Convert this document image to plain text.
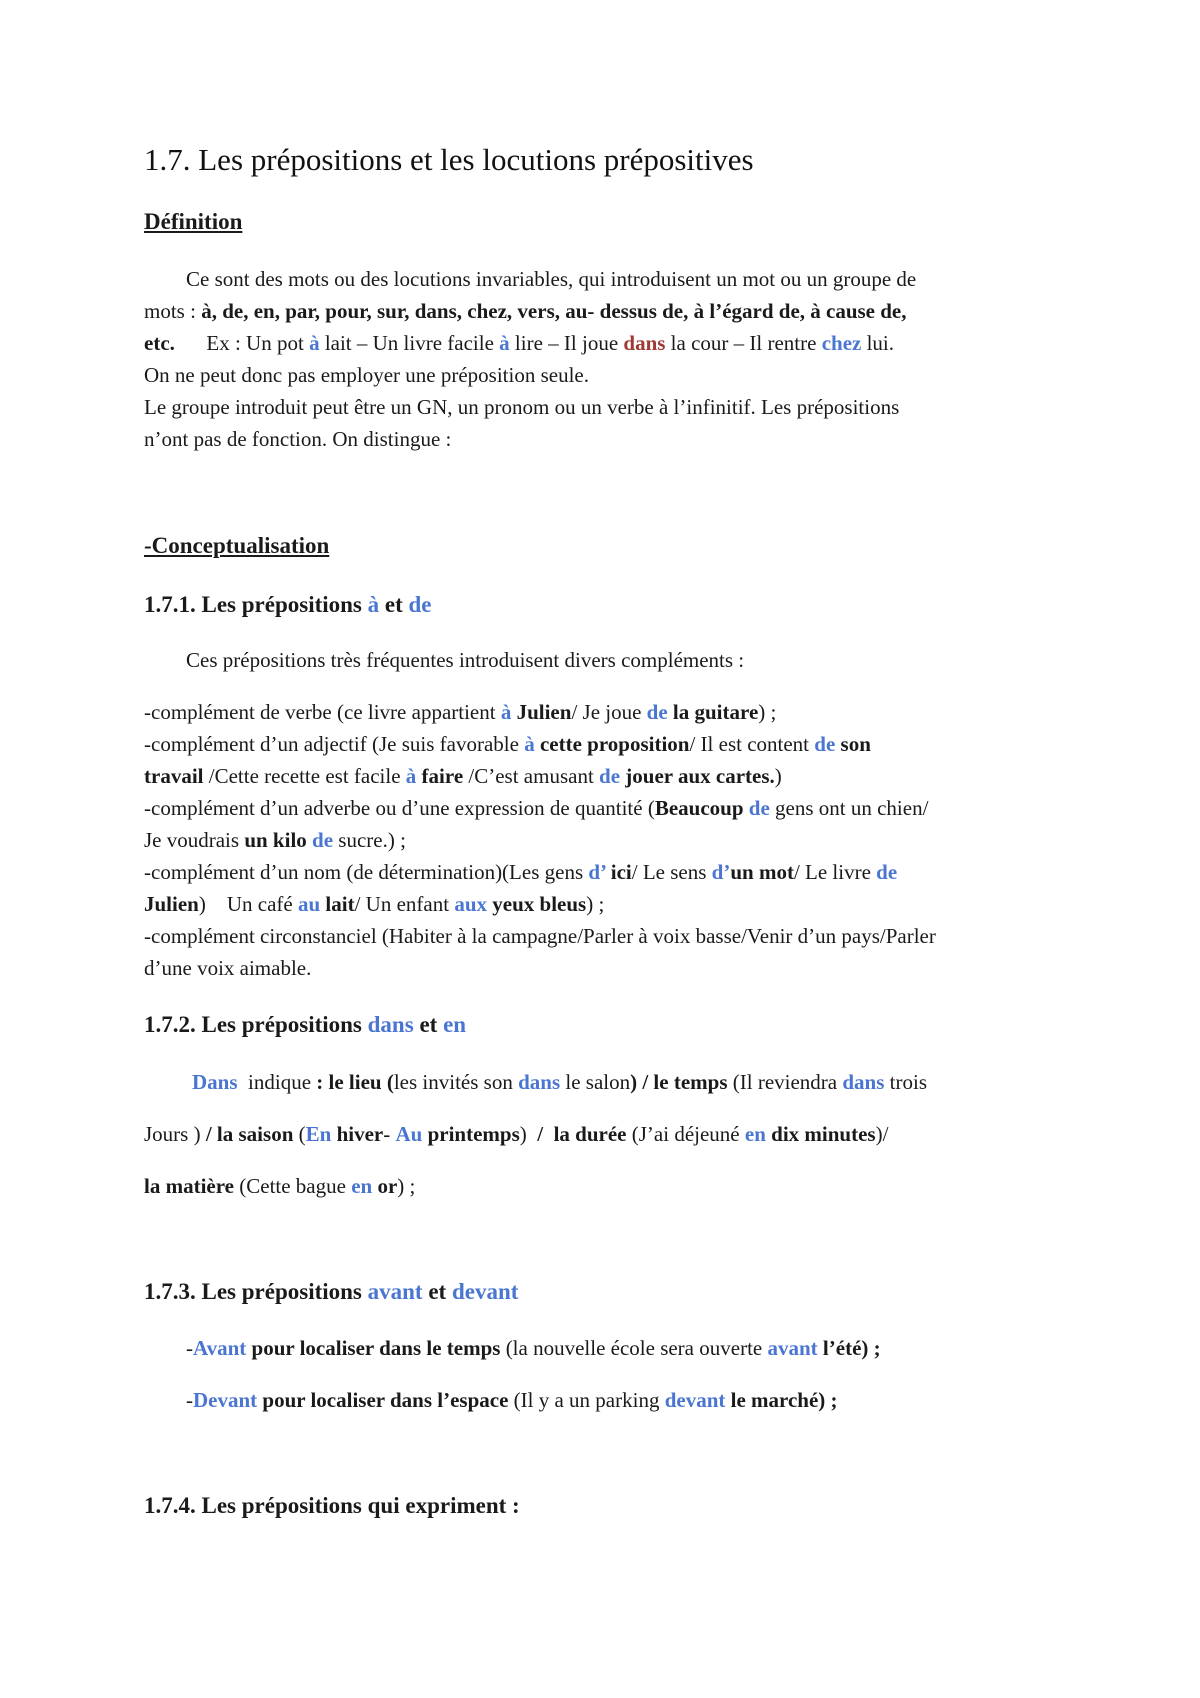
1.7. Les prépositions et les locutions prépositives
Définition
Ce sont des mots ou des locutions invariables, qui introduisent un mot ou un groupe de
mots : à, de, en, par, pour, sur, dans, chez, vers, au- dessus de, à l’égard de, à cause de,
etc.      Ex : Un pot à lait – Un livre facile à lire – Il joue dans la cour – Il rentre chez lui.
On ne peut donc pas employer une préposition seule.
Le groupe introduit peut être un GN, un pronom ou un verbe à l’infinitif. Les prépositions
n’ont pas de fonction. On distingue :
-Conceptualisation
1.7.1. Les prépositions à et de
Ces prépositions très fréquentes introduisent divers compléments :
-complément de verbe (ce livre appartient à Julien/ Je joue de la guitare) ;
-complément d’un adjectif (Je suis favorable à cette proposition/ Il est content de son
travail /Cette recette est facile à faire /C’est amusant de jouer aux cartes.)
-complément d’un adverbe ou d’une expression de quantité (Beaucoup de gens ont un chien/
Je voudrais un kilo de sucre.) ;
-complément d’un nom (de détermination)(Les gens d’ ici/ Le sens d’un mot/ Le livre de
Julien)    Un café au lait/ Un enfant aux yeux bleus) ;
-complément circonstanciel (Habiter à la campagne/Parler à voix basse/Venir d’un pays/Parler
d’une voix aimable.
1.7.2. Les prépositions dans et en
Dans  indique : le lieu (les invités son dans le salon) / le temps (Il reviendra dans trois
Jours ) / la saison (En hiver- Au printemps)  /  la durée (J’ai déjeuné en dix minutes)/
la matière (Cette bague en or) ;
1.7.3. Les prépositions avant et devant
-Avant pour localiser dans le temps (la nouvelle école sera ouverte avant l’été) ;
-Devant pour localiser dans l’espace (Il y a un parking devant le marché) ;
1.7.4. Les prépositions qui expriment :
